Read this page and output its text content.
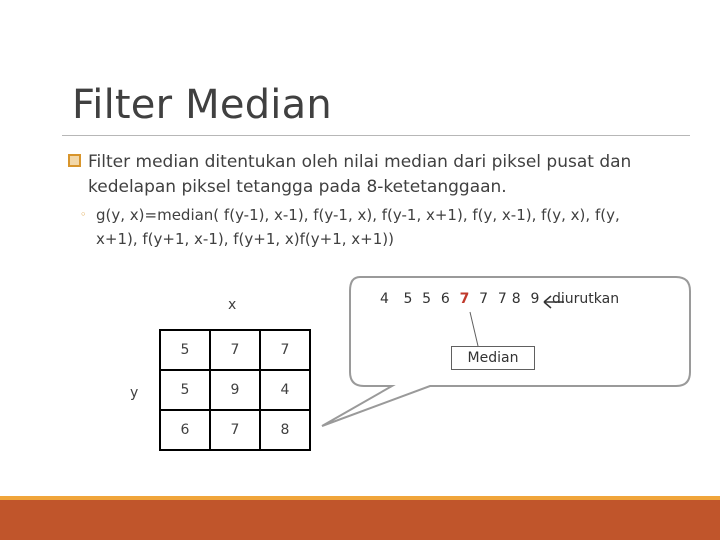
Filter Median
Filter median ditentukan oleh nilai median dari piksel pusat dan kedelapan piksel tetangga pada 8-ketetanggaan.
◦ g(y, x)=median( f(y-1), x-1), f(y-1, x), f(y-1, x+1), f(y, x-1), f(y, x), f(y, x+1), f(y+1, x-1), f(y+1, x)f(y+1, x+1))
4   5  5  6  7  7  7 8  9 diurutkan
Median
x
y
5	7	7
5	9	4
6	7	8
